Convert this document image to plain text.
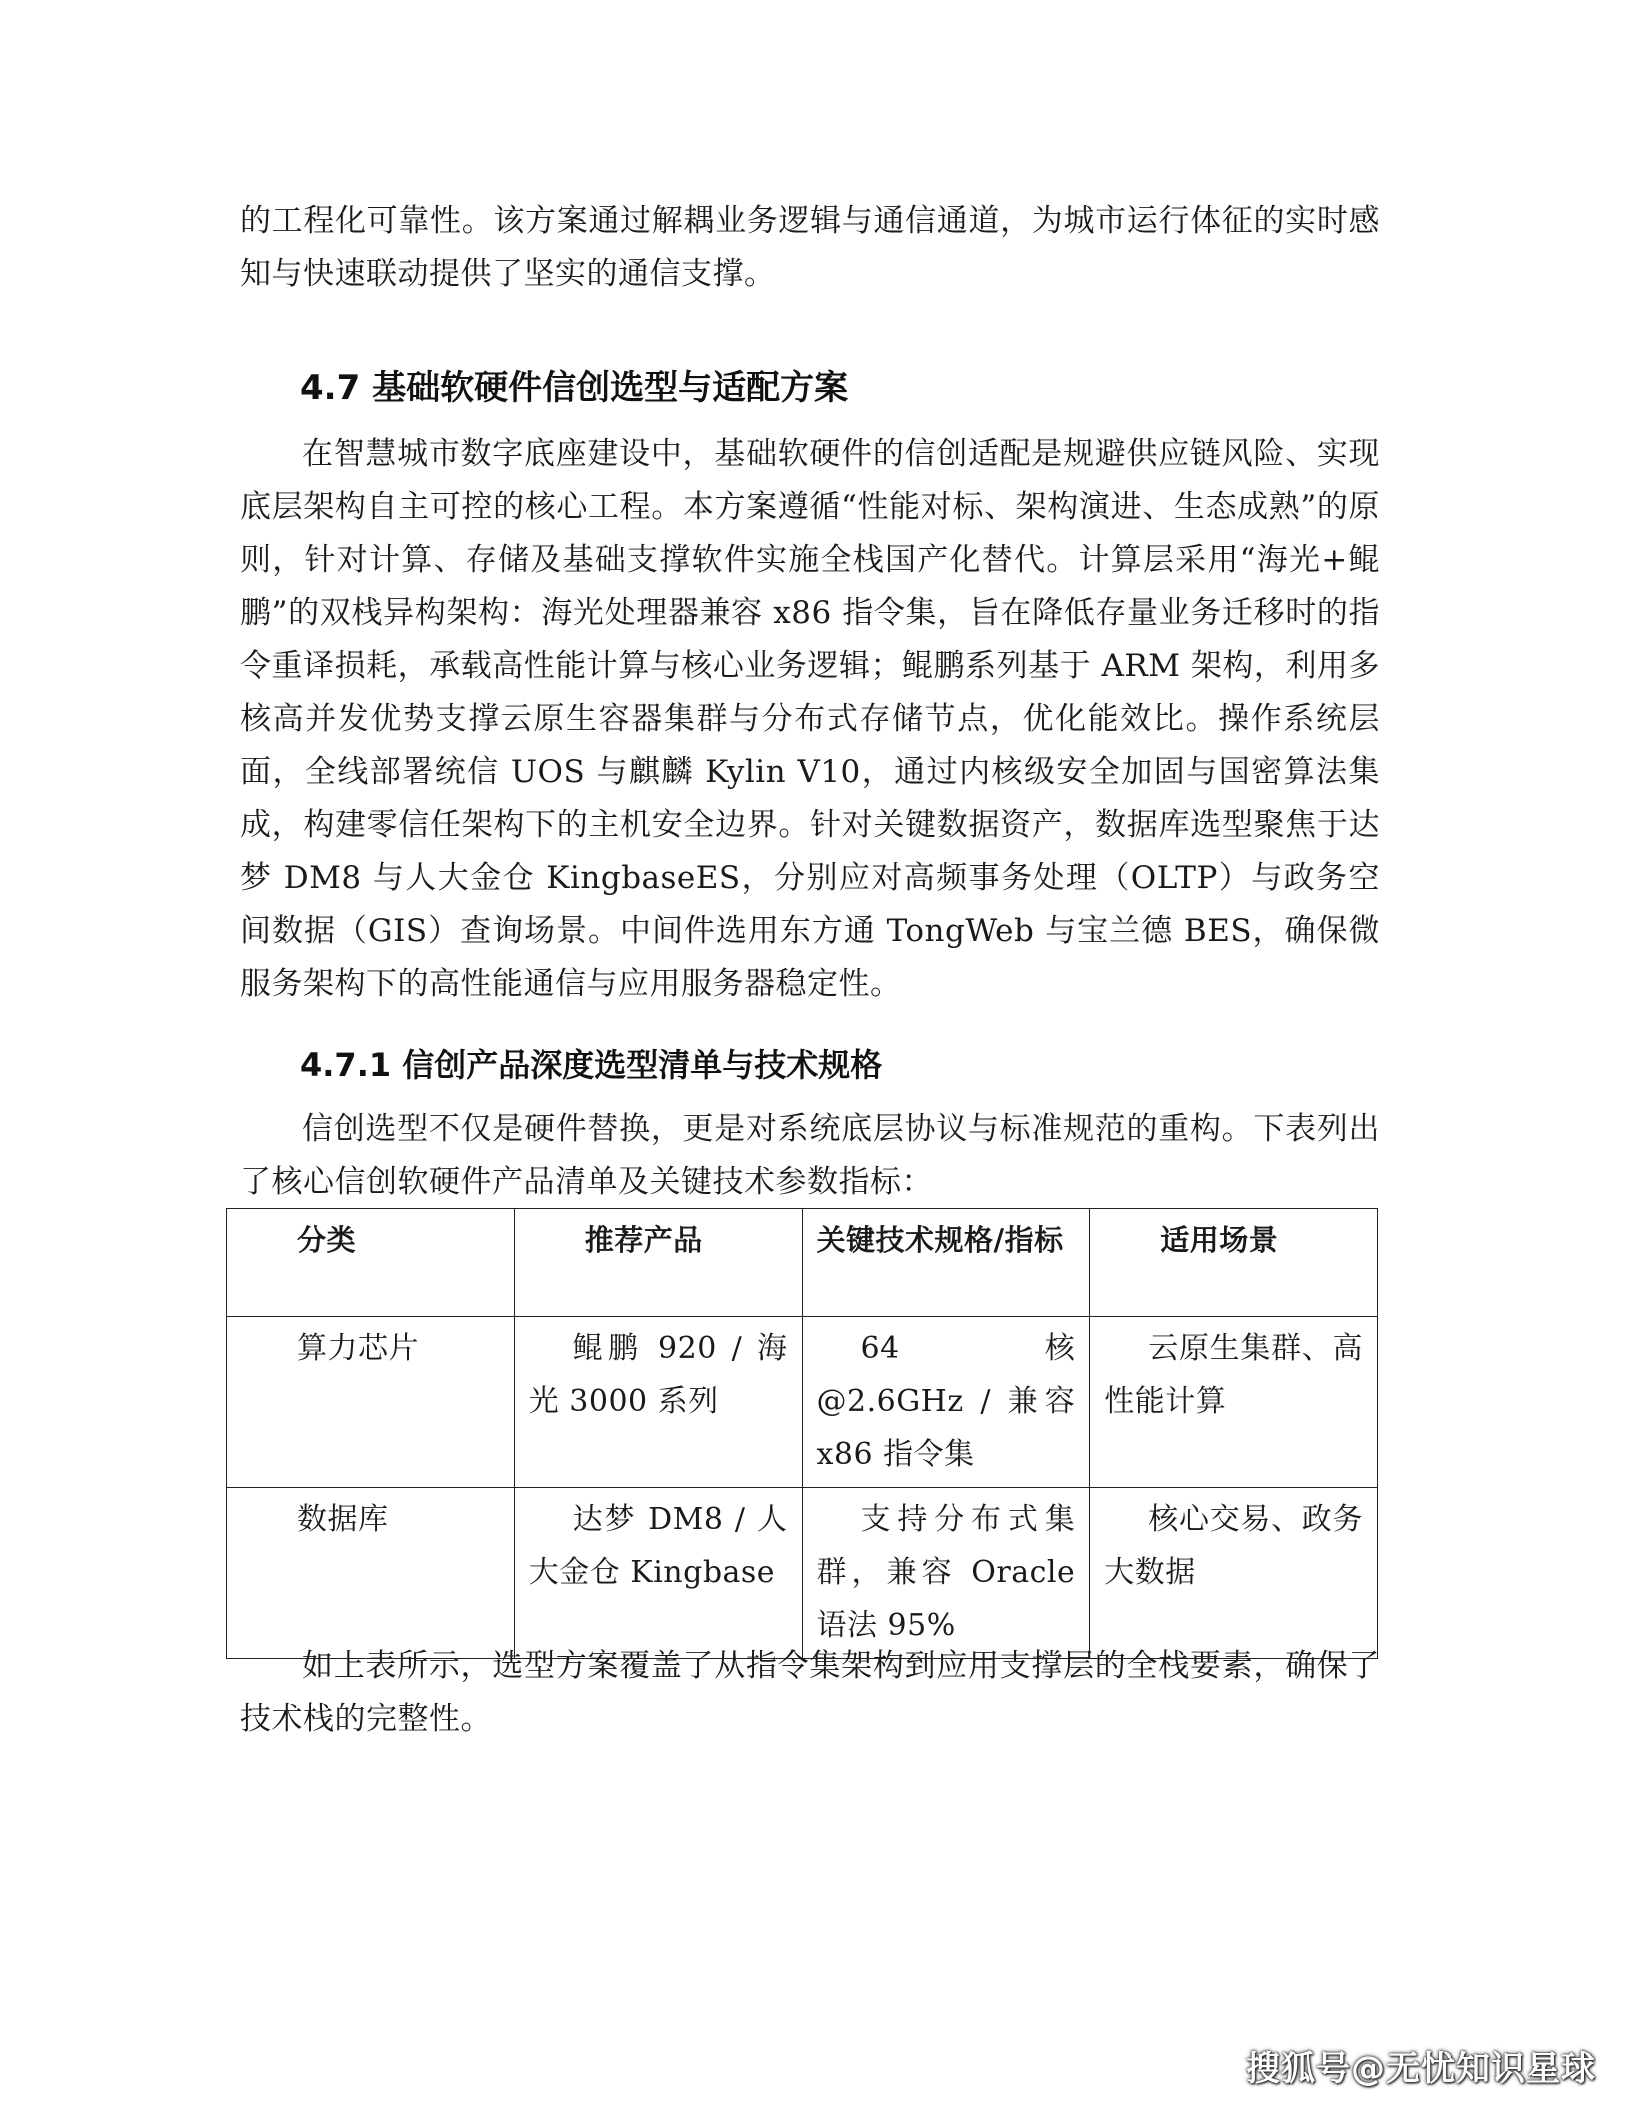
的工程化可靠性。该方案通过解耦业务逻辑与通信通道，为城市运行体征的实时感知与快速联动提供了坚实的通信支撑。

4.7 基础软硬件信创选型与适配方案

在智慧城市数字底座建设中，基础软硬件的信创适配是规避供应链风险、实现底层架构自主可控的核心工程。本方案遵循“性能对标、架构演进、生态成熟”的原则，针对计算、存储及基础支撑软件实施全栈国产化替代。计算层采用“海光+鲲鹏”的双栈异构架构：海光处理器兼容 x86 指令集，旨在降低存量业务迁移时的指令重译损耗，承载高性能计算与核心业务逻辑；鲲鹏系列基于 ARM 架构，利用多核高并发优势支撑云原生容器集群与分布式存储节点，优化能效比。操作系统层面，全线部署统信 UOS 与麒麟 Kylin V10，通过内核级安全加固与国密算法集成，构建零信任架构下的主机安全边界。针对关键数据资产，数据库选型聚焦于达梦 DM8 与人大金仓 KingbaseES，分别应对高频事务处理（OLTP）与政务空间数据（GIS）查询场景。中间件选用东方通 TongWeb 与宝兰德 BES，确保微服务架构下的高性能通信与应用服务器稳定性。

4.7.1 信创产品深度选型清单与技术规格

信创选型不仅是硬件替换，更是对系统底层协议与标准规范的重构。下表列出了核心信创软硬件产品清单及关键技术参数指标：

分类	推荐产品	关键技术规格/指标	适用场景
算力芯片	鲲鹏 920 / 海光 3000 系列	64 核 @2.6GHz / 兼容 x86 指令集	云原生集群、高性能计算
数据库	达梦 DM8 / 人大金仓 Kingbase	支持分布式集群，兼容 Oracle 语法 95%	核心交易、政务大数据

如上表所示，选型方案覆盖了从指令集架构到应用支撑层的全栈要素，确保了技术栈的完整性。

搜狐号@无忧知识星球
